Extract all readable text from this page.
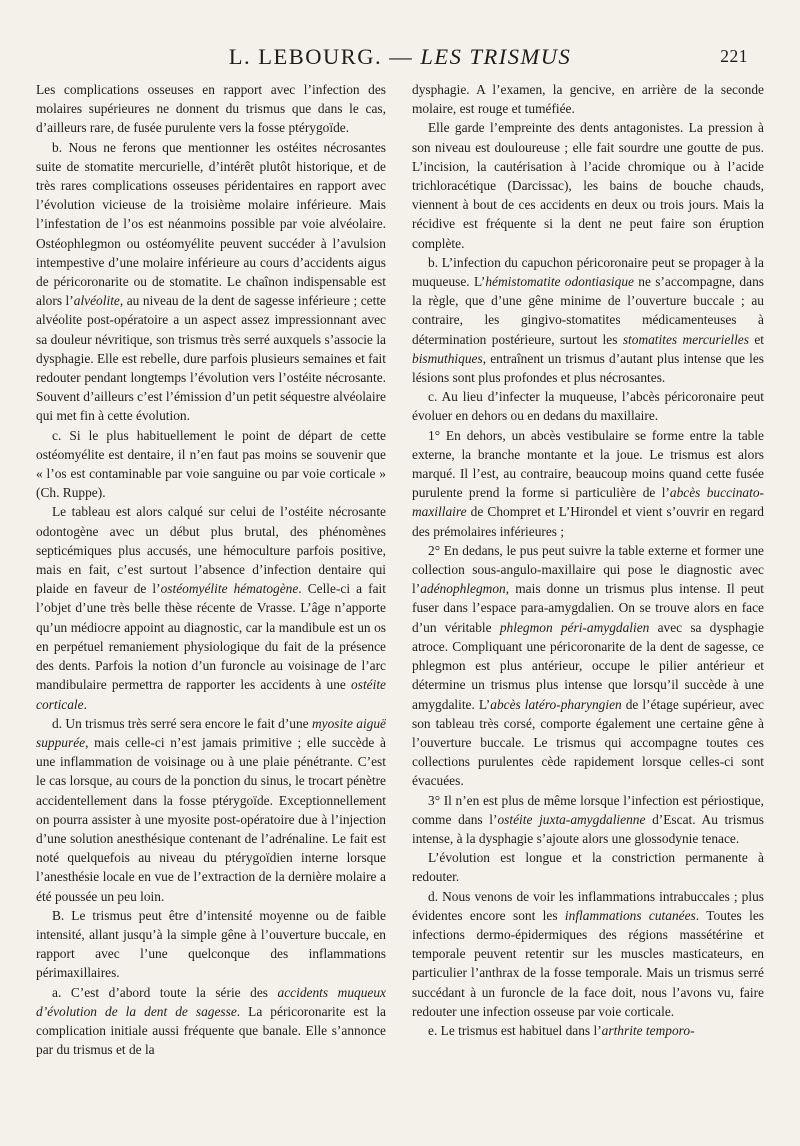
L. LEBOURG. — LES TRISMUS	221

Les complications osseuses en rapport avec l’infection des molaires supérieures ne donnent du trismus que dans le cas, d’ailleurs rare, de fusée purulente vers la fosse ptérygoïde.

b. Nous ne ferons que mentionner les ostéites nécrosantes suite de stomatite mercurielle, d’intérêt plutôt historique, et de très rares complications osseuses péridentaires en rapport avec l’évolution vicieuse de la troisième molaire inférieure. Mais l’infestation de l’os est néanmoins possible par voie alvéolaire. Ostéophlegmon ou ostéomyélite peuvent succéder à l’avulsion intempestive d’une molaire inférieure au cours d’accidents aigus de péricoronarite ou de stomatite. Le chaînon indispensable est alors l’alvéolite, au niveau de la dent de sagesse inférieure ; cette alvéolite post-opératoire a un aspect assez impressionnant avec sa douleur névritique, son trismus très serré auxquels s’associe la dysphagie. Elle est rebelle, dure parfois plusieurs semaines et fait redouter pendant longtemps l’évolution vers l’ostéite nécrosante. Souvent d’ailleurs c’est l’émission d’un petit séquestre alvéolaire qui met fin à cette évolution.

c. Si le plus habituellement le point de départ de cette ostéomyélite est dentaire, il n’en faut pas moins se souvenir que « l’os est contaminable par voie sanguine ou par voie corticale » (Ch. Ruppe).

Le tableau est alors calqué sur celui de l’ostéite nécrosante odontogène avec un début plus brutal, des phénomènes septicémiques plus accusés, une hémoculture parfois positive, mais en fait, c’est surtout l’absence d’infection dentaire qui plaide en faveur de l’ostéomyélite hématogène. Celle-ci a fait l’objet d’une très belle thèse récente de Vrasse. L’âge n’apporte qu’un médiocre appoint au diagnostic, car la mandibule est un os en perpétuel remaniement physiologique du fait de la présence des dents. Parfois la notion d’un furoncle au voisinage de l’arc mandibulaire permettra de rapporter les accidents à une ostéite corticale.

d. Un trismus très serré sera encore le fait d’une myosite aiguë suppurée, mais celle-ci n’est jamais primitive ; elle succède à une inflammation de voisinage ou à une plaie pénétrante. C’est le cas lorsque, au cours de la ponction du sinus, le trocart pénètre accidentellement dans la fosse ptérygoïde. Exceptionnellement on pourra assister à une myosite post-opératoire due à l’injection d’une solution anesthésique contenant de l’adrénaline. Le fait est noté quelquefois au niveau du ptérygoïdien interne lorsque l’anesthésie locale en vue de l’extraction de la dernière molaire a été poussée un peu loin.

B. Le trismus peut être d’intensité moyenne ou de faible intensité, allant jusqu’à la simple gêne à l’ouverture buccale, en rapport avec l’une quelconque des inflammations périmaxillaires.

a. C’est d’abord toute la série des accidents muqueux d’évolution de la dent de sagesse. La péricoronarite est la complication initiale aussi fréquente que banale. Elle s’annonce par du trismus et de la

dysphagie. A l’examen, la gencive, en arrière de la seconde molaire, est rouge et tuméfiée.

Elle garde l’empreinte des dents antagonistes. La pression à son niveau est douloureuse ; elle fait sourdre une goutte de pus. L’incision, la cautérisation à l’acide chromique ou à l’acide trichloracétique (Darcissac), les bains de bouche chauds, viennent à bout de ces accidents en deux ou trois jours. Mais la récidive est fréquente si la dent ne peut faire son éruption complète.

b. L’infection du capuchon péricoronaire peut se propager à la muqueuse. L’hémistomatite odontiasique ne s’accompagne, dans la règle, que d’une gêne minime de l’ouverture buccale ; au contraire, les gingivo-stomatites médicamenteuses à détermination postérieure, surtout les stomatites mercurielles et bismuthiques, entraînent un trismus d’autant plus intense que les lésions sont plus profondes et plus nécrosantes.

c. Au lieu d’infecter la muqueuse, l’abcès péricoronaire peut évoluer en dehors ou en dedans du maxillaire.

1° En dehors, un abcès vestibulaire se forme entre la table externe, la branche montante et la joue. Le trismus est alors marqué. Il l’est, au contraire, beaucoup moins quand cette fusée purulente prend la forme si particulière de l’abcès buccinato-maxillaire de Chompret et L’Hirondel et vient s’ouvrir en regard des prémolaires inférieures ;

2° En dedans, le pus peut suivre la table externe et former une collection sous-angulo-maxillaire qui pose le diagnostic avec l’adénophlegmon, mais donne un trismus plus intense. Il peut fuser dans l’espace para-amygdalien. On se trouve alors en face d’un véritable phlegmon péri-amygdalien avec sa dysphagie atroce. Compliquant une péricoronarite de la dent de sagesse, ce phlegmon est plus antérieur, occupe le pilier antérieur et détermine un trismus plus intense que lorsqu’il succède à une amygdalite. L’abcès latéro-pharyngien de l’étage supérieur, avec son tableau très corsé, comporte également une certaine gêne à l’ouverture buccale. Le trismus qui accompagne toutes ces collections purulentes cède rapidement lorsque celles-ci sont évacuées.

3° Il n’en est plus de même lorsque l’infection est périostique, comme dans l’ostéite juxta-amygdalienne d’Escat. Au trismus intense, à la dysphagie s’ajoute alors une glossodynie tenace.

L’évolution est longue et la constriction permanente à redouter.

d. Nous venons de voir les inflammations intrabuccales ; plus évidentes encore sont les inflammations cutanées. Toutes les infections dermo-épidermiques des régions massétérine et temporale peuvent retentir sur les muscles masticateurs, en particulier l’anthrax de la fosse temporale. Mais un trismus serré succédant à un furoncle de la face doit, nous l’avons vu, faire redouter une infection osseuse par voie corticale.

e. Le trismus est habituel dans l’arthrite temporo-
